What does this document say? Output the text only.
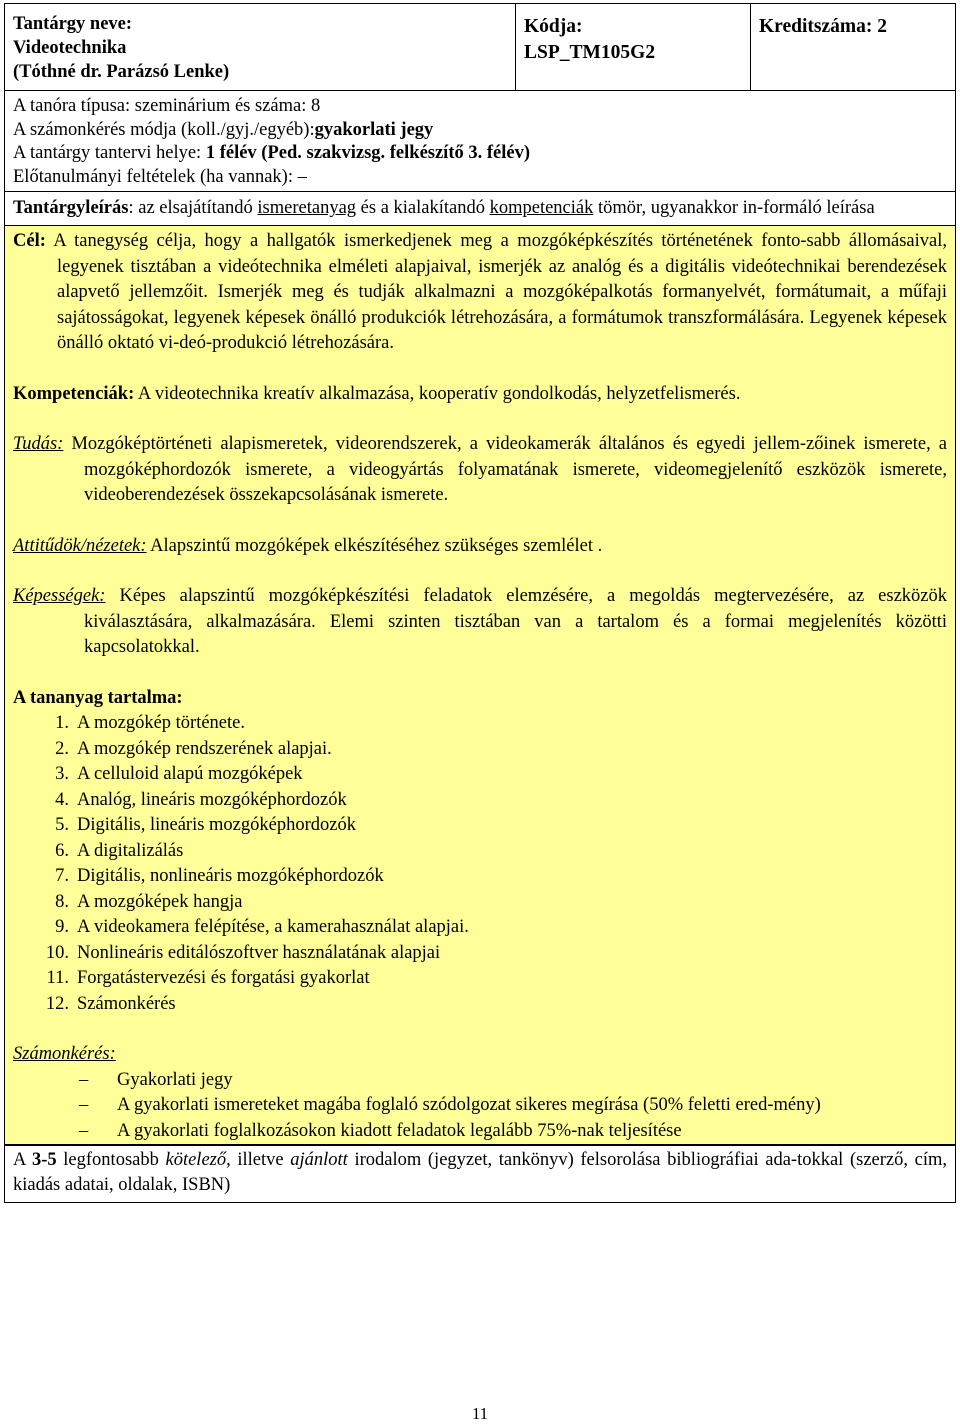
Tantárgy neve:
Videotechnika
(Tóthné dr. Parázsó Lenke)

Kódja:
LSP_TM105G2

Kreditszáma: 2
A tanóra típusa: szeminárium és száma: 8
A számonkérés módja (koll./gyj./egyéb):gyakorlati jegy
A tantárgy tantervi helye: 1 félév (Ped. szakvizsg. felkészítő 3. félév)
Előtanulmányi feltételek (ha vannak): –
Tantárgyleírás: az elsajátítandó ismeretanyag és a kialakítandó kompetenciák tömör, ugyanakkor in-formáló leírása

Cél: A tanegység célja, hogy a hallgatók ismerkedjenek meg a mozgóképkészítés történetének fonto-sabb állomásaival, legyenek tisztában a videótechnika elméleti alapjaival, ismerjék az analóg és a digitális videótechnikai berendezések alapvető jellemzőit. Ismerjék meg és tudják alkalmazni a mozgóképalkotás formanyelvét, formátumait, a műfaji sajátosságokat, legyenek képesek önálló produkciók létrehozására, a formátumok transzformálására. Legyenek képesek önálló oktató vi-deó-produkció létrehozására.

Kompetenciák: A videotechnika kreatív alkalmazása, kooperatív gondolkodás, helyzetfelismerés.

Tudás: Mozgóképtörténeti alapismeretek, videorendszerek, a videokamerák általános és egyedi jellem-zőinek ismerete, a mozgóképhordozók ismerete, a videogyártás folyamatának ismerete, videomegjelenítő eszközök ismerete, videoberendezések összekapcsolásának ismerete.

Attitűdök/nézetek: Alapszintű mozgóképek elkészítéséhez szükséges szemlélet .

Képességek: Képes alapszintű mozgóképkészítési feladatok elemzésére, a megoldás megtervezésére, az eszközök kiválasztására, alkalmazására. Elemi szinten tisztában van a tartalom és a formai megjelenítés közötti kapcsolatokkal.

A tananyag tartalma:

1. A mozgókép története.
2. A mozgókép rendszerének alapjai.
3. A celluloid alapú mozgóképek
4. Analóg, lineáris mozgóképhordozók
5. Digitális, lineáris mozgóképhordozók
6. A digitalizálás
7. Digitális, nonlineáris mozgóképhordozók
8. A mozgóképek hangja
9. A videokamera felépítése, a kamerahasználat alapjai.
10. Nonlineáris editálószoftver használatának alapjai
11. Forgatástervezési és forgatási gyakorlat
12. Számonkérés

Számonkérés:

–	Gyakorlati jegy
–	A gyakorlati ismereteket magába foglaló szódolgozat sikeres megírása (50% feletti ered-mény)
–	A gyakorlati foglalkozásokon kiadott feladatok legalább 75%-nak teljesítése
A 3-5 legfontosabb kötelező, illetve ajánlott irodalom (jegyzet, tankönyv) felsorolása bibliográfiai ada-tokkal (szerző, cím, kiadás adatai, oldalak, ISBN)
11
